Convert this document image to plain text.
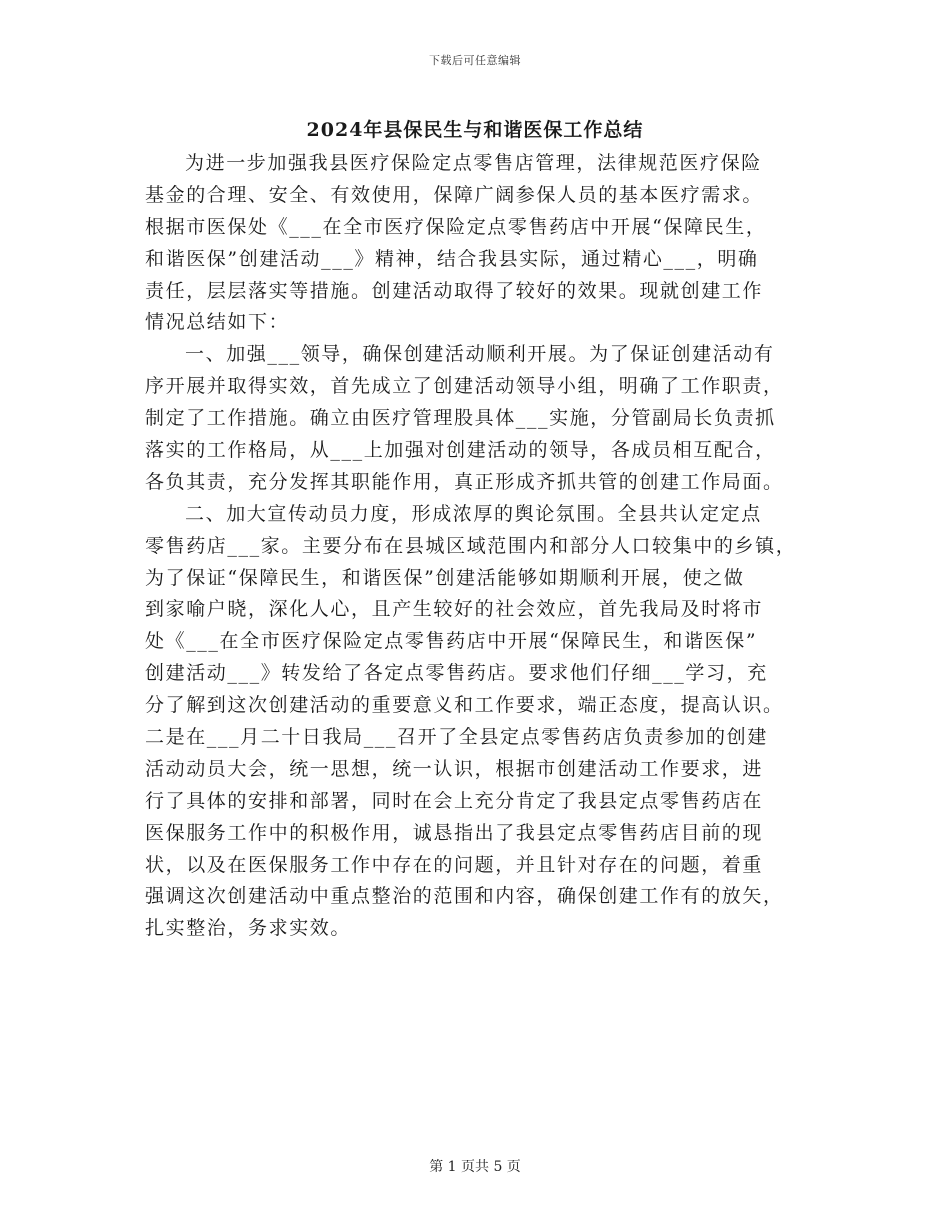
下载后可任意编辑
2024年县保民生与和谐医保工作总结
为进一步加强我县医疗保险定点零售店管理，法律规范医疗保险
基金的合理、安全、有效使用，保障广阔参保人员的基本医疗需求。
根据市医保处《___在全市医疗保险定点零售药店中开展“保障民生，
和谐医保”创建活动___》精神，结合我县实际，通过精心___，明确
责任，层层落实等措施。创建活动取得了较好的效果。现就创建工作
情况总结如下：
一、加强___领导，确保创建活动顺利开展。为了保证创建活动有
序开展并取得实效，首先成立了创建活动领导小组，明确了工作职责，
制定了工作措施。确立由医疗管理股具体___实施，分管副局长负责抓
落实的工作格局，从___上加强对创建活动的领导，各成员相互配合，
各负其责，充分发挥其职能作用，真正形成齐抓共管的创建工作局面。
二、加大宣传动员力度，形成浓厚的舆论氛围。全县共认定定点
零售药店___家。主要分布在县城区域范围内和部分人口较集中的乡镇，
为了保证“保障民生，和谐医保”创建活能够如期顺利开展，使之做
到家喻户晓，深化人心，且产生较好的社会效应，首先我局及时将市
处《___在全市医疗保险定点零售药店中开展“保障民生，和谐医保”
创建活动___》转发给了各定点零售药店。要求他们仔细___学习，充
分了解到这次创建活动的重要意义和工作要求，端正态度，提高认识。
二是在___月二十日我局___召开了全县定点零售药店负责参加的创建
活动动员大会，统一思想，统一认识，根据市创建活动工作要求，进
行了具体的安排和部署，同时在会上充分肯定了我县定点零售药店在
医保服务工作中的积极作用，诚恳指出了我县定点零售药店目前的现
状，以及在医保服务工作中存在的问题，并且针对存在的问题，着重
强调这次创建活动中重点整治的范围和内容，确保创建工作有的放矢，
扎实整治，务求实效。
第 1 页共 5 页
